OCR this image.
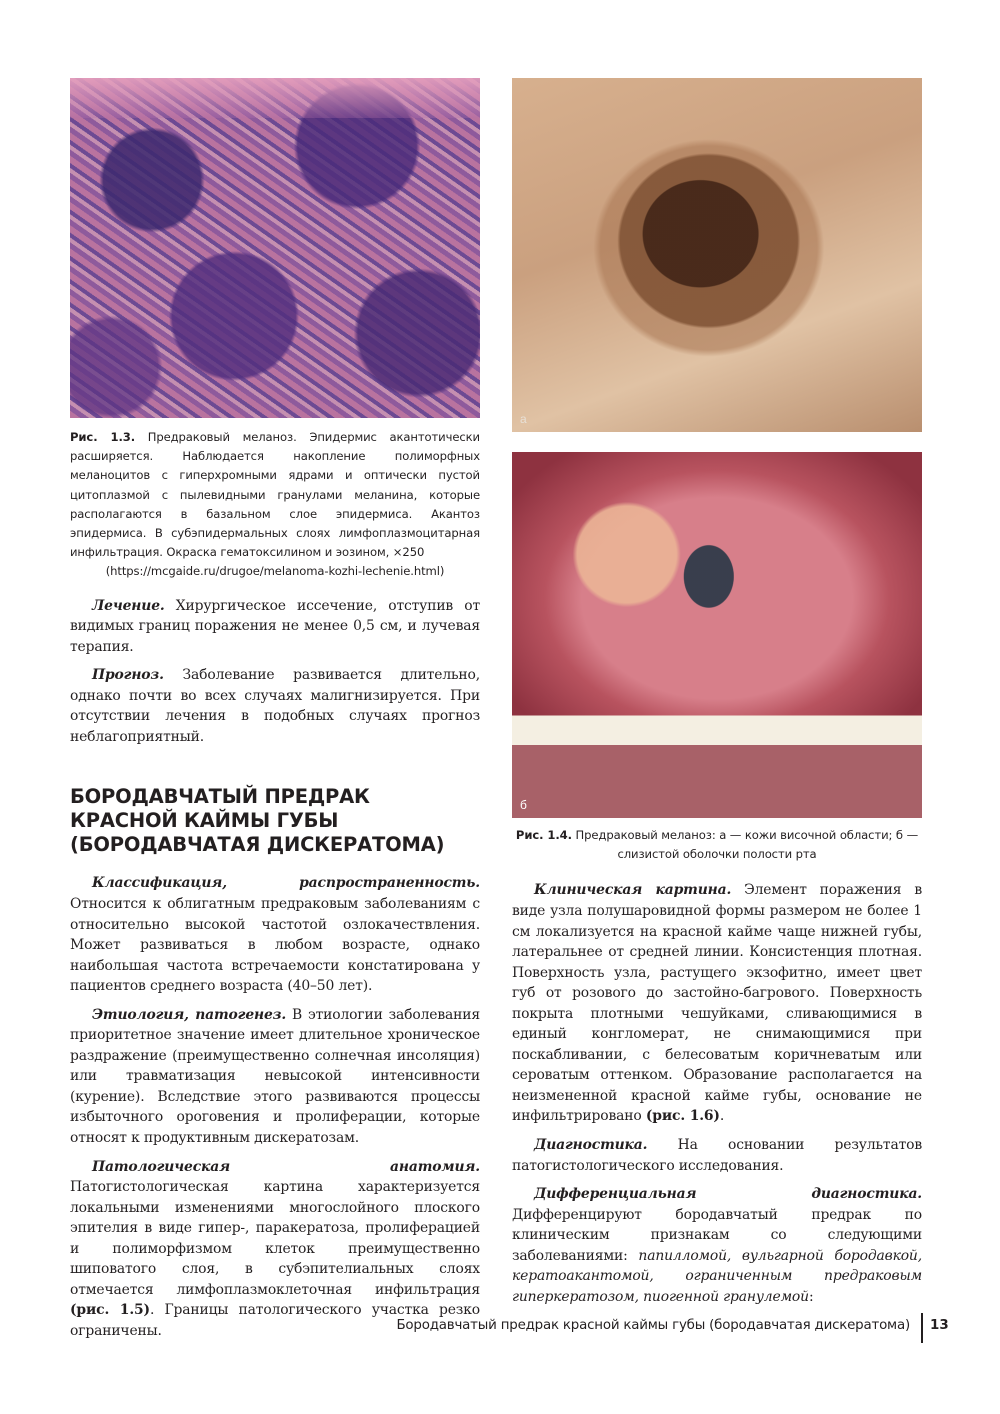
Рис. 1.3. Предраковый меланоз. Эпидермис акантотически расширяется. Наблюдается накопление полиморфных меланоцитов с гиперхромными ядрами и оптически пустой цитоплазмой с пылевидными гранулами меланина, которые располагаются в базальном слое эпидермиса. Акантоз эпидермиса. В субэпидермальных слоях лимфоплазмоцитарная инфильтрация. Окраска гематоксилином и эозином, ×250
(https://mcgaide.ru/drugoe/melanoma-kozhi-lechenie.html)

Лечение. Хирургическое иссечение, отступив от видимых границ поражения не менее 0,5 см, и лучевая терапия.

Прогноз. Заболевание развивается длительно, однако почти во всех случаях малигнизируется. При отсутствии лечения в подобных случаях прогноз неблагоприятный.

БОРОДАВЧАТЫЙ ПРЕДРАК КРАСНОЙ КАЙМЫ ГУБЫ (БОРОДАВЧАТАЯ ДИСКЕРАТОМА)

Классификация, распространенность. Относится к облигатным предраковым заболеваниям с относительно высокой частотой озлокачествления. Может развиваться в любом возрасте, однако наибольшая частота встречаемости констатирована у пациентов среднего возраста (40–50 лет).

Этиология, патогенез. В этиологии заболевания приоритетное значение имеет длительное хроническое раздражение (преимущественно солнечная инсоляция) или травматизация невысокой интенсивности (курение). Вследствие этого развиваются процессы избыточного ороговения и пролиферации, которые относят к продуктивным дискератозам.

Патологическая анатомия. Патогистологическая картина характеризуется локальными изменениями многослойного плоского эпителия в виде гипер-, паракератоза, пролиферацией и полиморфизмом клеток преимущественно шиповатого слоя, в субэпителиальных слоях отмечается лимфоплазмоклеточная инфильтрация (рис. 1.5). Границы патологического участка резко ограничены.

а
б
Рис. 1.4. Предраковый меланоз: а — кожи височной области; б — слизистой оболочки полости рта

Клиническая картина. Элемент поражения в виде узла полушаровидной формы размером не более 1 см локализуется на красной кайме чаще нижней губы, латеральнее от средней линии. Консистенция плотная. Поверхность узла, растущего экзофитно, имеет цвет губ от розового до застойно-багрового. Поверхность покрыта плотными чешуйками, сливающимися в единый конгломерат, не снимающимися при поскабливании, с белесоватым коричневатым или сероватым оттенком. Образование располагается на неизмененной красной кайме губы, основание не инфильтрировано (рис. 1.6).

Диагностика. На основании результатов патогистологического исследования.

Дифференциальная диагностика. Дифференцируют бородавчатый предрак по клиническим признакам со следующими заболеваниями: папилломой, вульгарной бородавкой, кератоакантомой, ограниченным предраковым гиперкератозом, пиогенной гранулемой:

Бородавчатый предрак красной каймы губы (бородавчатая дискератома) 13
